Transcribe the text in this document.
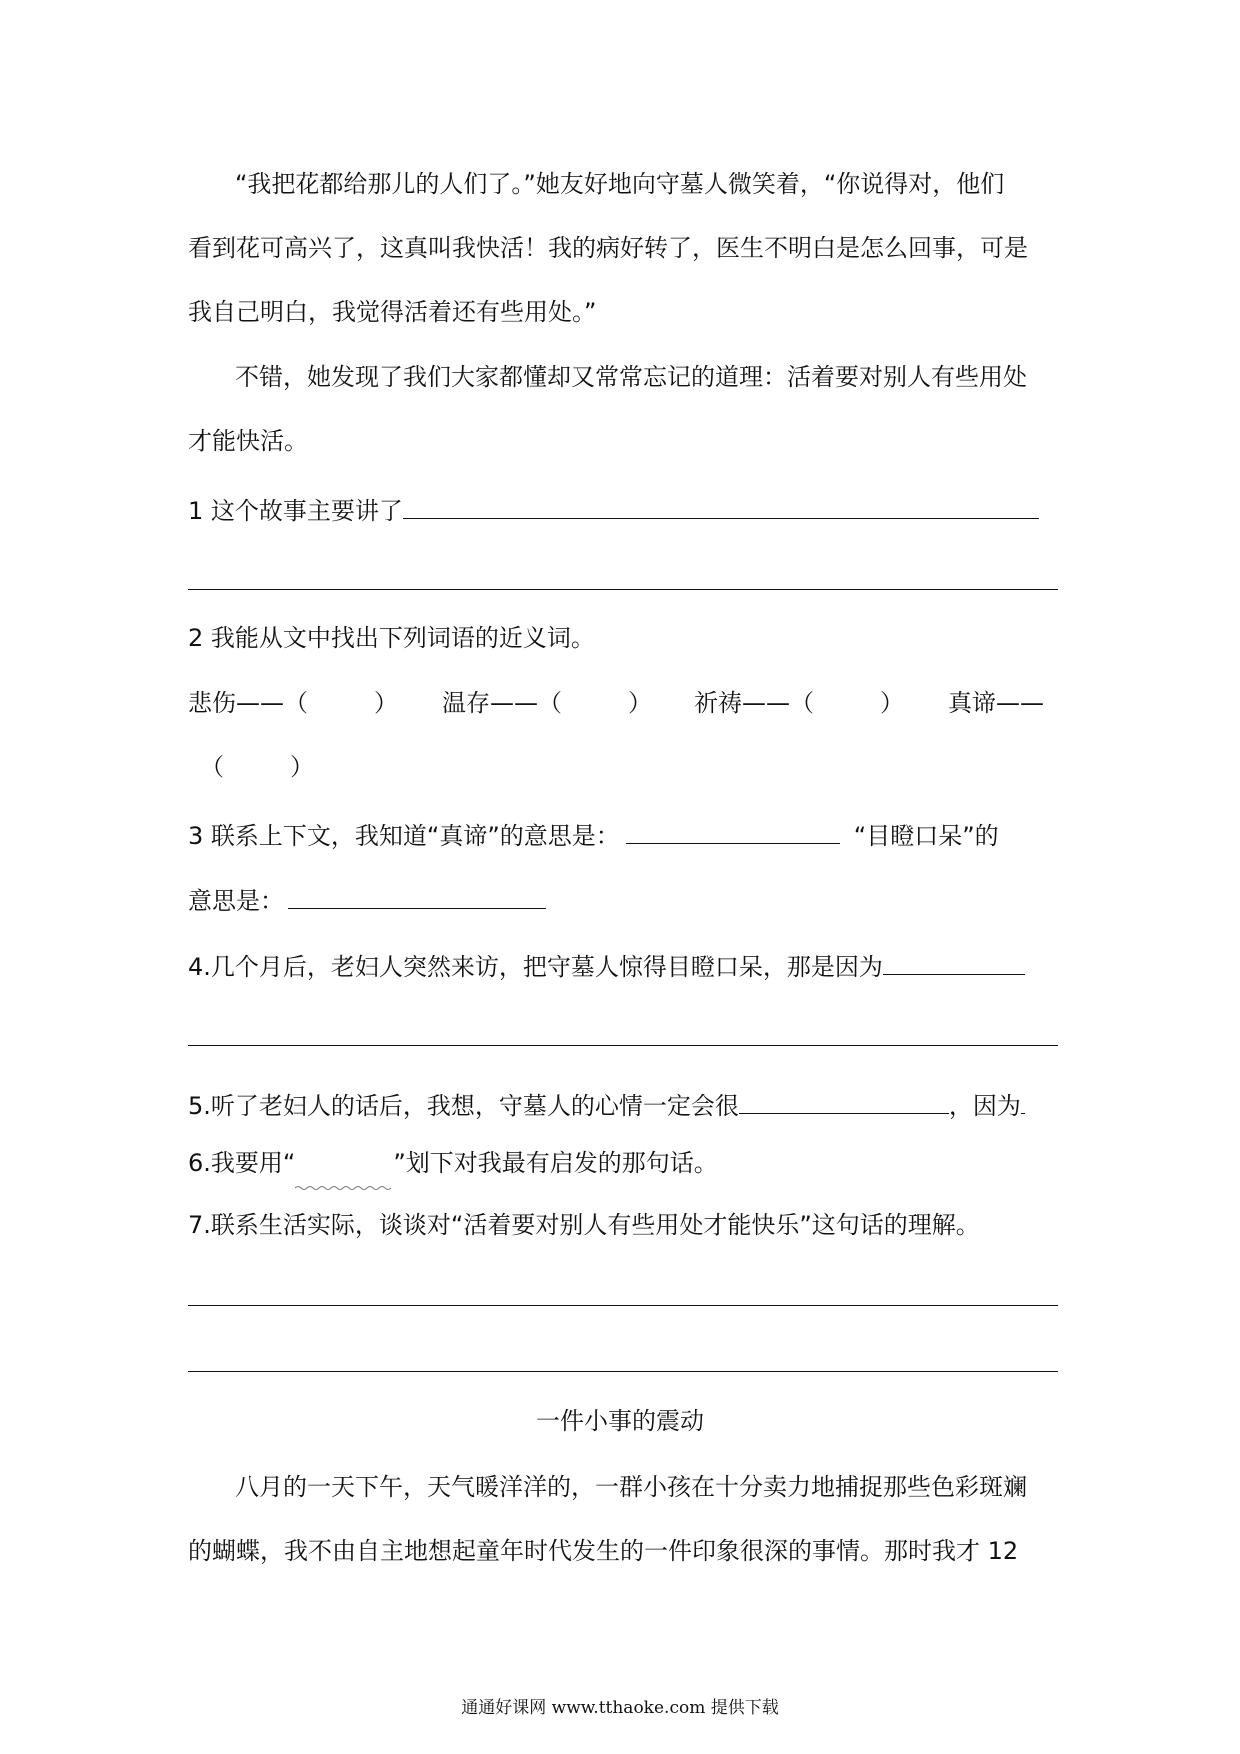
“我把花都给那儿的人们了。”她友好地向守墓人微笑着，“你说得对，他们
看到花可高兴了，这真叫我快活！我的病好转了，医生不明白是怎么回事，可是
我自己明白，我觉得活着还有些用处。”
不错，她发现了我们大家都懂却又常常忘记的道理：活着要对别人有些用处
才能快活。
1 这个故事主要讲了
2 我能从文中找出下列词语的近义词。
悲伤——（	） 温存——（	） 祈祷——（	） 真谛——
（	）
3 联系上下文，我知道“真谛”的意思是：	“目瞪口呆”的
意思是：
4.几个月后，老妇人突然来访，把守墓人惊得目瞪口呆，那是因为
5.听了老妇人的话后，我想，守墓人的心情一定会很	，因为
6.我要用“	”划下对我最有启发的那句话。
7.联系生活实际，谈谈对“活着要对别人有些用处才能快乐”这句话的理解。
一件小事的震动
八月的一天下午，天气暖洋洋的，一群小孩在十分卖力地捕捉那些色彩斑斓
的蝴蝶，我不由自主地想起童年时代发生的一件印象很深的事情。那时我才 12
通通好课网 www.tthaoke.com 提供下载
